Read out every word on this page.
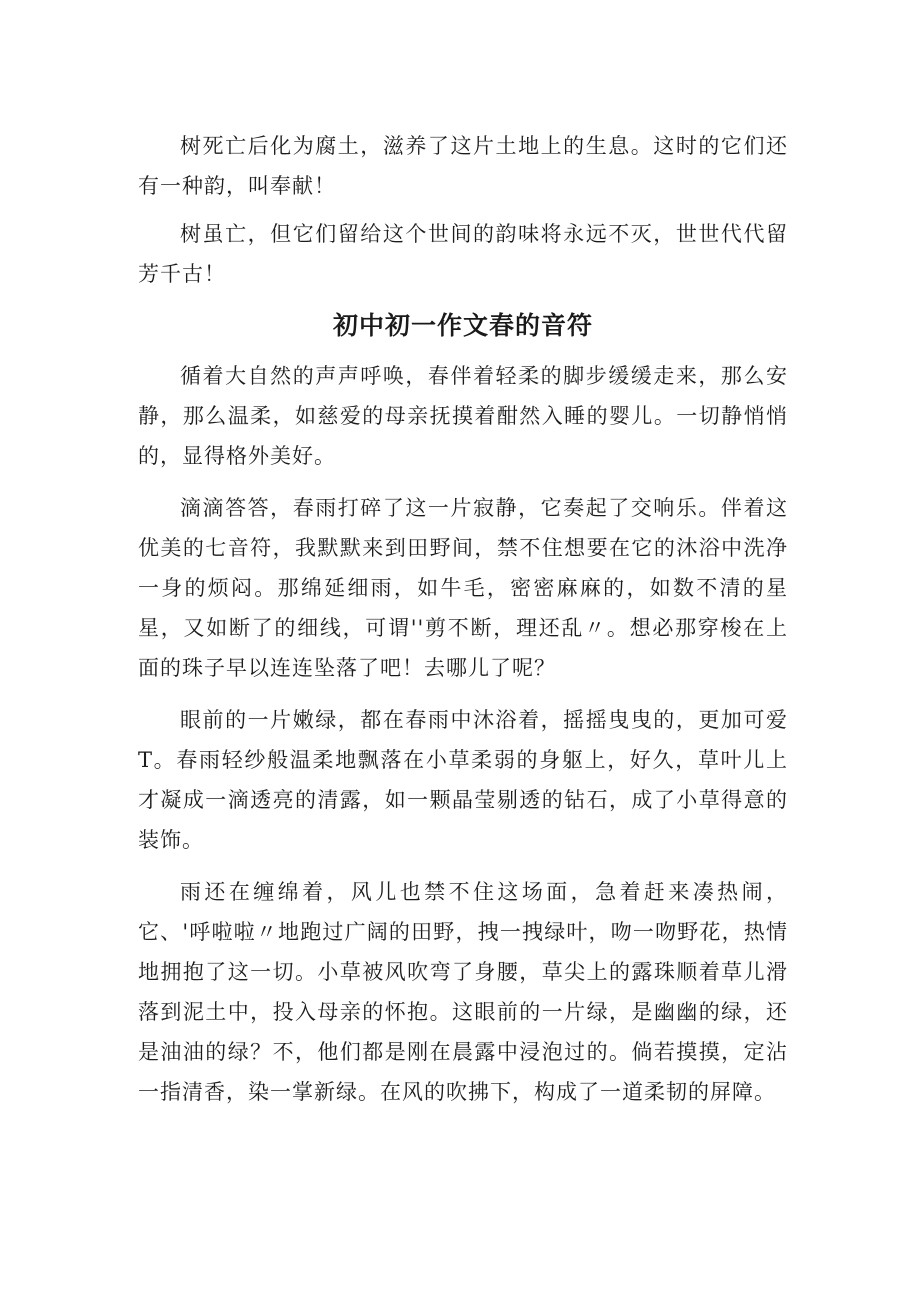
树死亡后化为腐土，滋养了这片土地上的生息。这时的它们还有一种韵，叫奉献！

树虽亡，但它们留给这个世间的韵味将永远不灭，世世代代留芳千古！

初中初一作文春的音符

循着大自然的声声呼唤，春伴着轻柔的脚步缓缓走来，那么安静，那么温柔，如慈爱的母亲抚摸着酣然入睡的婴儿。一切静悄悄的，显得格外美好。

滴滴答答，春雨打碎了这一片寂静，它奏起了交响乐。伴着这优美的七音符，我默默来到田野间，禁不住想要在它的沐浴中洗净一身的烦闷。那绵延细雨，如牛毛，密密麻麻的，如数不清的星星，又如断了的细线，可谓''剪不断，理还乱〃。想必那穿梭在上面的珠子早以连连坠落了吧！去哪儿了呢？

眼前的一片嫩绿，都在春雨中沐浴着，摇摇曳曳的，更加可爱T。春雨轻纱般温柔地飘落在小草柔弱的身躯上，好久，草叶儿上才凝成一滴透亮的清露，如一颗晶莹剔透的钻石，成了小草得意的装饰。

雨还在缠绵着，风儿也禁不住这场面，急着赶来凑热闹，它、'呼啦啦〃地跑过广阔的田野，拽一拽绿叶，吻一吻野花，热情地拥抱了这一切。小草被风吹弯了身腰，草尖上的露珠顺着草儿滑落到泥土中，投入母亲的怀抱。这眼前的一片绿，是幽幽的绿，还是油油的绿？不，他们都是刚在晨露中浸泡过的。倘若摸摸，定沾一指清香，染一掌新绿。在风的吹拂下，构成了一道柔韧的屏障。
